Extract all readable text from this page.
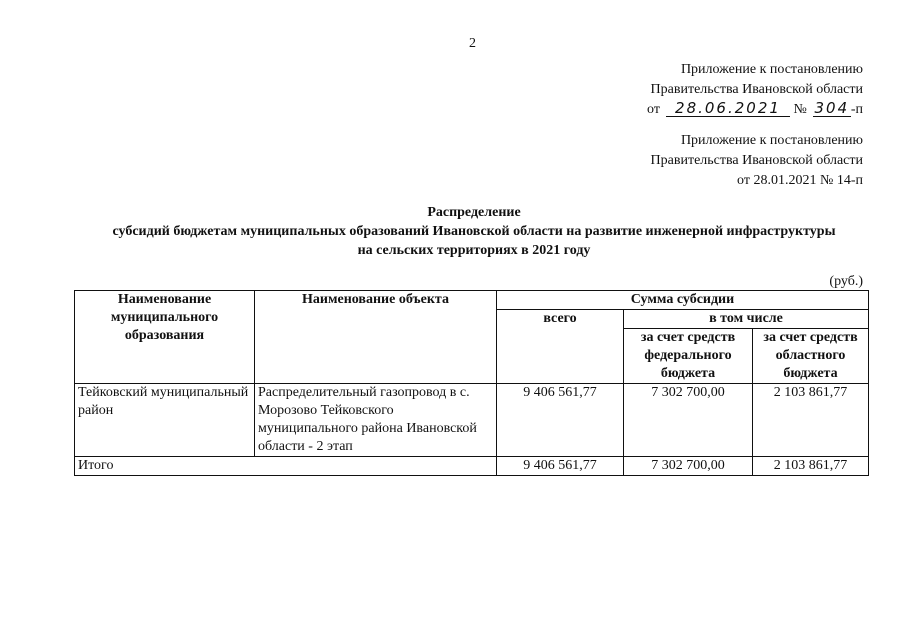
2
Приложение к постановлению
Правительства Ивановской области
от 28.06.2021 № 304 -п
Приложение к постановлению
Правительства Ивановской области
от 28.01.2021 № 14-п
Распределение
субсидий бюджетам муниципальных образований Ивановской области на развитие инженерной инфраструктуры
на сельских территориях в 2021 году
(руб.)
Наименование муниципального образования	Наименование объекта	Сумма субсидии		
		всего	в том числе	
			за счет средств федерального бюджета	за счет средств областного бюджета
Тейковский муниципальный район	Распределительный газопровод в с. Морозово Тейковского муниципального района Ивановской области - 2 этап	9 406 561,77	7 302 700,00	2 103 861,77
Итого		9 406 561,77	7 302 700,00	2 103 861,77
